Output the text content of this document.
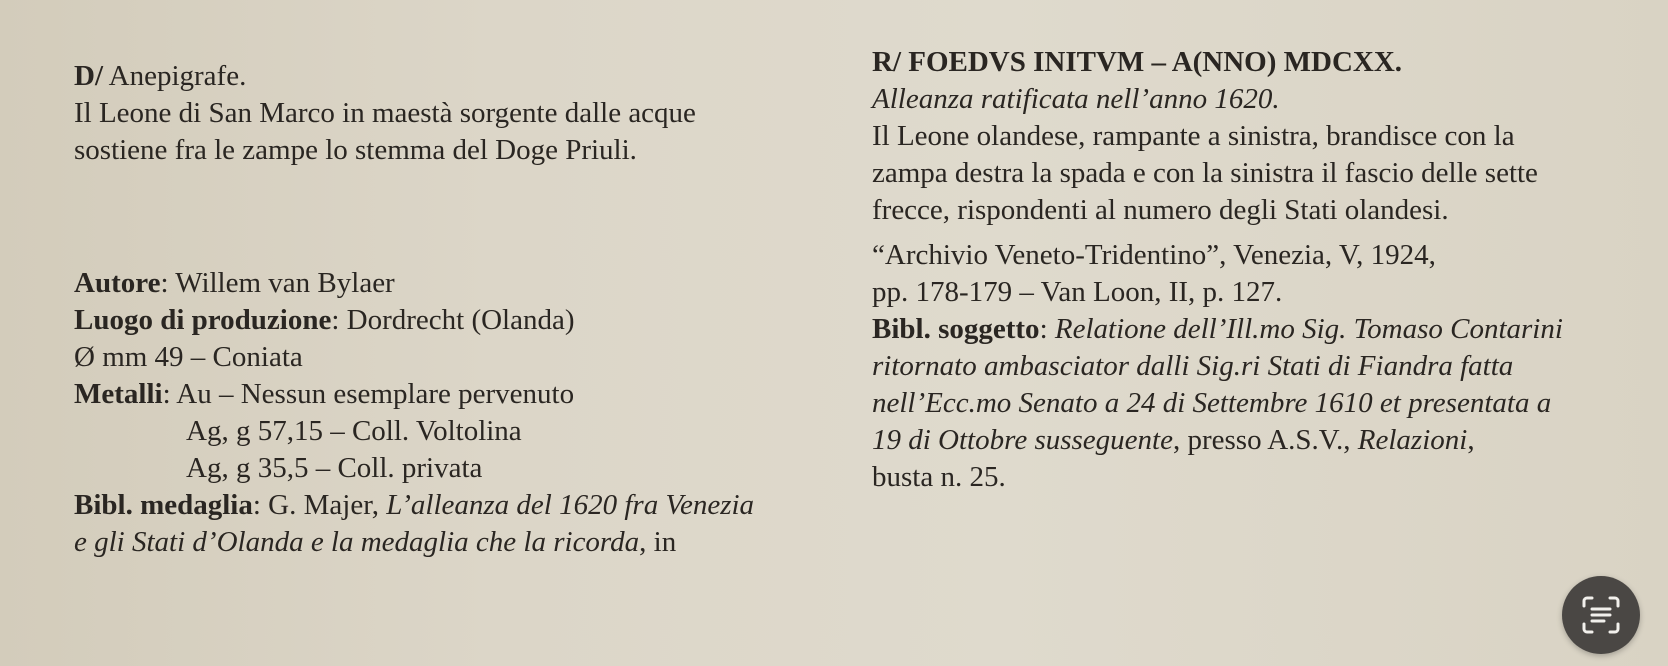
D/ Anepigrafe.
Il Leone di San Marco in maestà sorgente dalle acque
sostiene fra le zampe lo stemma del Doge Priuli.
Autore: Willem van Bylaer
Luogo di produzione: Dordrecht (Olanda)
Ø mm 49 – Coniata
Metalli: Au – Nessun esemplare pervenuto
Ag, g 57,15 – Coll. Voltolina
Ag, g 35,5 – Coll. privata
Bibl. medaglia: G. Majer, L’alleanza del 1620 fra Venezia
e gli Stati d’Olanda e la medaglia che la ricorda, in
R/ FOEDVS INITVM – A(NNO) MDCXX.
Alleanza ratificata nell’anno 1620.
Il Leone olandese, rampante a sinistra, brandisce con la
zampa destra la spada e con la sinistra il fascio delle sette
frecce, rispondenti al numero degli Stati olandesi.
“Archivio Veneto-Tridentino”, Venezia, V, 1924,
pp. 178-179 – Van Loon, II, p. 127.
Bibl. soggetto: Relatione dell’Ill.mo Sig. Tomaso Contarini
ritornato ambasciator dalli Sig.ri Stati di Fiandra fatta
nell’Ecc.mo Senato a 24 di Settembre 1610 et presentata a
19 di Ottobre susseguente, presso A.S.V., Relazioni,
busta n. 25.
